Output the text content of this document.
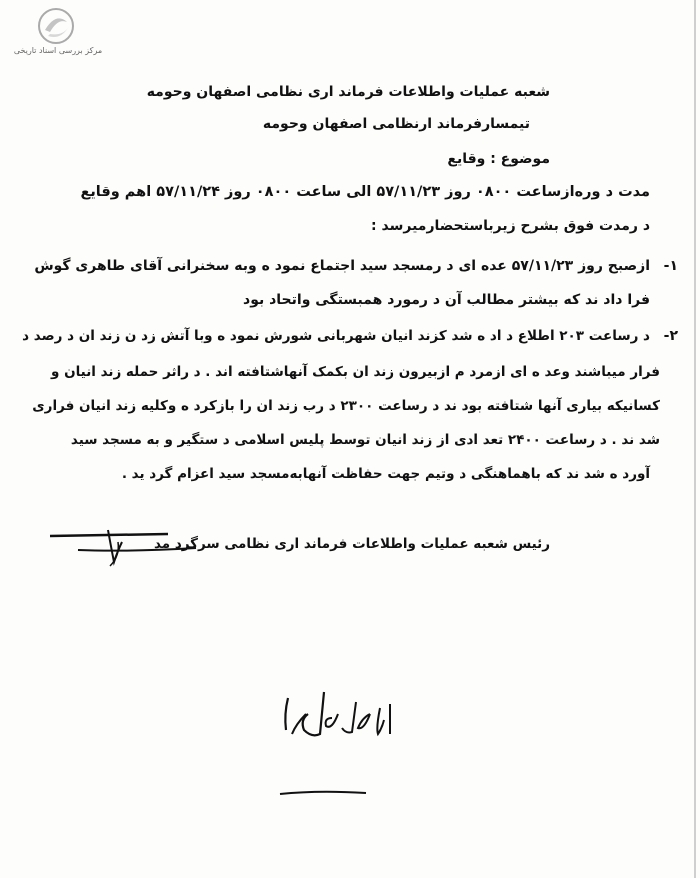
مرکز بررسی اسناد تاریخی
شعبه عملیات واطلاعات فرماند اری نظامی اصفهان وحومه
تیمسارفرماند ارنظامی اصفهان وحومه
موضوع : وقایع
مدت د وره‌ازساعت ۰۸۰۰ روز ۵۷/۱۱/۲۳ الی ساعت ۰۸۰۰ روز ۵۷/۱۱/۲۴ اهم وقایع
د رمدت فوق بشرح زیربا‌ستحضار‌میرسد :
۱-
ازصبح روز ۵۷/۱۱/۲۳ عده ای د رمسجد سید اجتماع نمود ه وبه سخنرانی آقای طاهری گوش
فرا داد ند که بیشتر مطالب آن د رمورد همبستگی واتحاد بود
۲-
د رساعت ۲۰۳ اطلاع د اد ه شد کزند انیان شهربانی شورش نمود ه وبا آتش زد ن زند ان د رصد د
فرار میباشند وعد ه ای ازمرد م ازبیرون زند ان بکمک آنهاشتافته اند . د راثر حمله زند انیان و
کسانیکه بیاری آنها شتافته بود ند د رساعت ۲۳۰۰ د رب زند ان را بازکرد ه وکلیه زند انیان فراری
شد ند . د رساعت ۲۴۰۰ تعد ادی از زند انیان توسط پلیس اسلامی د ستگیر و به مسجد سید
آورد ه شد ند که باهماهنگی د وتیم جهت حفاظت آنهابه‌مسجد سید اعزام گرد ید .
رئیس شعبه عملیات واطلاعات فرماند اری نظامی سرگرد مد
